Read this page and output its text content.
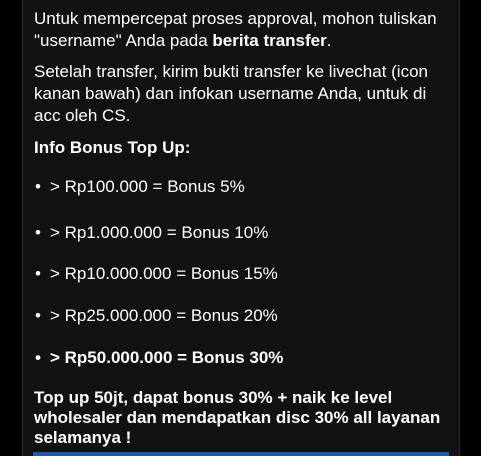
Untuk mempercepat proses approval, mohon tuliskan "username" Anda pada berita transfer.

Setelah transfer, kirim bukti transfer ke livechat (icon kanan bawah) dan infokan username Anda, untuk di acc oleh CS.

Info Bonus Top Up:
• > Rp100.000 = Bonus 5%
• > Rp1.000.000 = Bonus 10%
• > Rp10.000.000 = Bonus 15%
• > Rp25.000.000 = Bonus 20%
• > Rp50.000.000 = Bonus 30%
Top up 50jt, dapat bonus 30% + naik ke level wholesaler dan mendapatkan disc 30% all layanan selamanya !
